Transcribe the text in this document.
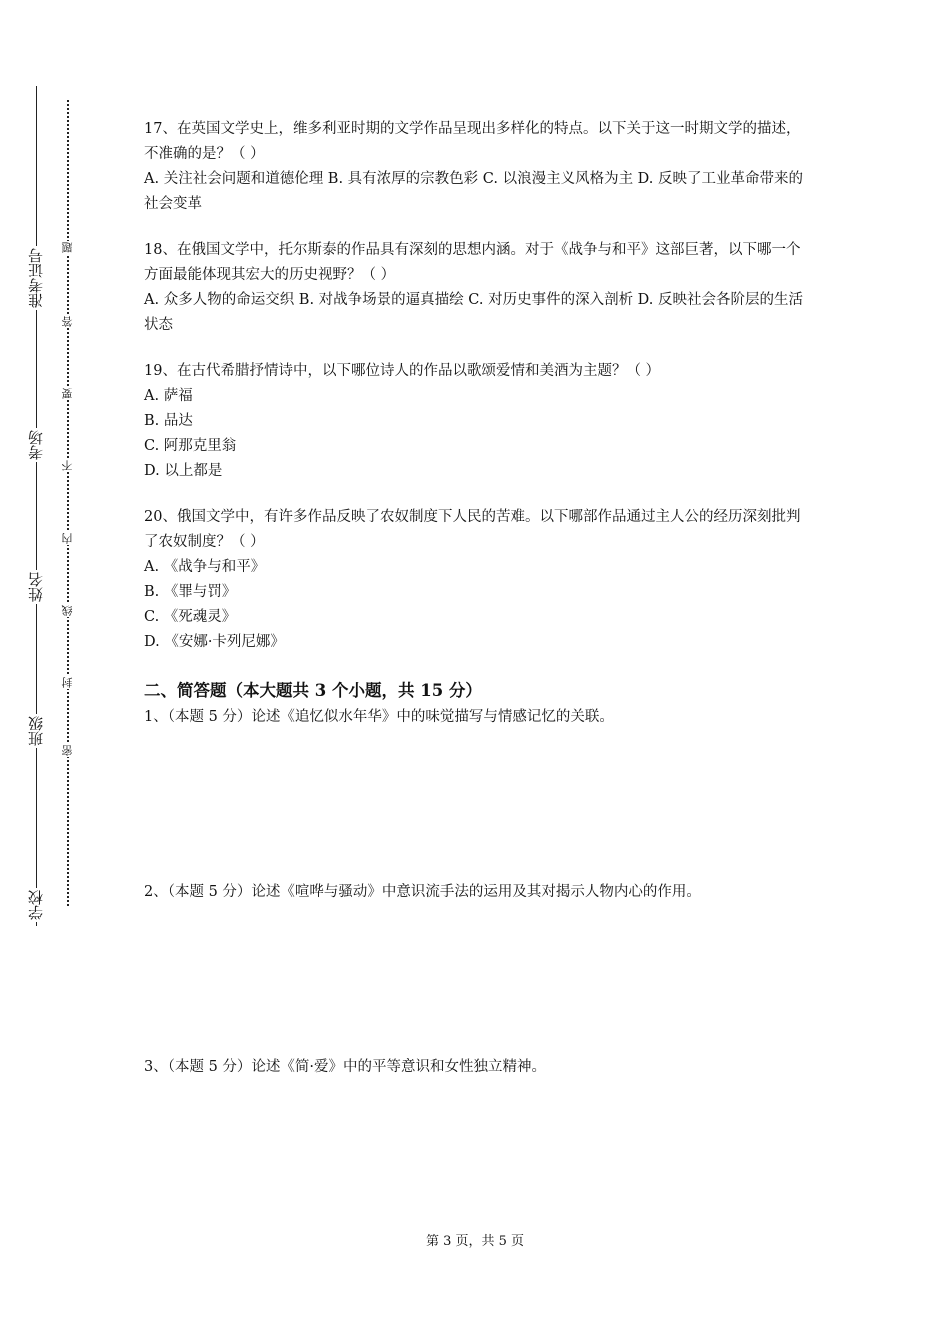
准考证号
考场
姓名
班级
学校
题
答
要
不
内
线
封
密

17、在英国文学史上，维多利亚时期的文学作品呈现出多样化的特点。以下关于这一时期文学的描述，不准确的是？（ ）

A. 关注社会问题和道德伦理 B. 具有浓厚的宗教色彩 C. 以浪漫主义风格为主 D. 反映了工业革命带来的社会变革

18、在俄国文学中，托尔斯泰的作品具有深刻的思想内涵。对于《战争与和平》这部巨著，以下哪一个方面最能体现其宏大的历史视野？（ ）

A. 众多人物的命运交织 B. 对战争场景的逼真描绘 C. 对历史事件的深入剖析 D. 反映社会各阶层的生活状态

19、在古代希腊抒情诗中，以下哪位诗人的作品以歌颂爱情和美酒为主题？（ ）

A. 萨福
B. 品达
C. 阿那克里翁
D. 以上都是

20、俄国文学中，有许多作品反映了农奴制度下人民的苦难。以下哪部作品通过主人公的经历深刻批判了农奴制度？（ ）

A. 《战争与和平》
B. 《罪与罚》
C. 《死魂灵》
D. 《安娜·卡列尼娜》

二、简答题（本大题共 3 个小题，共 15 分）

1、（本题 5 分）论述《追忆似水年华》中的味觉描写与情感记忆的关联。

2、（本题 5 分）论述《喧哗与骚动》中意识流手法的运用及其对揭示人物内心的作用。

3、（本题 5 分）论述《简·爱》中的平等意识和女性独立精神。

第 3 页，共 5 页
